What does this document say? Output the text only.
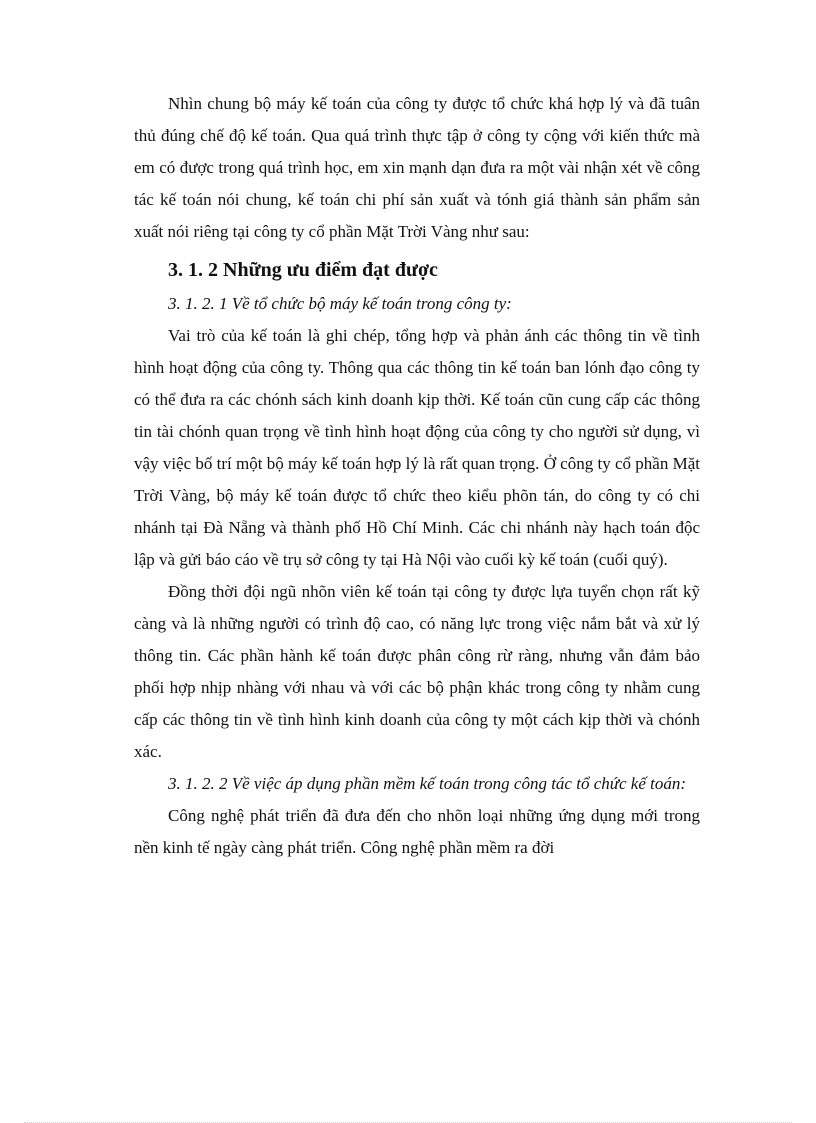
Nhìn chung bộ máy kế toán của công ty được tổ chức khá hợp lý và đã tuân thủ đúng chế độ kế toán. Qua quá trình thực tập ở công ty cộng với kiến thức mà em có được trong quá trình học, em xin mạnh dạn đưa ra một vài nhận xét về công tác kế toán nói chung, kế toán chi phí sản xuất và tónh giá thành sản phẩm sản xuất nói riêng tại công ty cổ phần Mặt Trời Vàng như sau:

3. 1. 2 Những ưu điểm đạt được

3. 1. 2. 1 Về tổ chức bộ máy kế toán trong công ty:

Vai trò của kế toán là ghi chép, tổng hợp và phản ánh các thông tin về tình hình hoạt động của công ty. Thông qua các thông tin kế toán ban lónh đạo công ty có thể đưa ra các chónh sách kinh doanh kịp thời. Kế toán cũn cung cấp các thông tin tài chónh quan trọng về tình hình hoạt động của công ty cho người sử dụng, vì vậy việc bố trí một bộ máy kế toán hợp lý là rất quan trọng. Ở công ty cổ phần Mặt Trời Vàng, bộ máy kế toán được tổ chức theo kiểu phõn tán, do công ty có chi nhánh tại Đà Nẵng và thành phố Hồ Chí Minh. Các chi nhánh này hạch toán độc lập và gửi báo cáo về trụ sở công ty tại Hà Nội vào cuối kỳ kế toán (cuối quý).

Đồng thời đội ngũ nhõn viên kế toán tại công ty được lựa tuyển chọn rất kỹ càng và là những người có trình độ cao, có năng lực trong việc nắm bắt và xử lý thông tin. Các phần hành kế toán được phân công rừ ràng, nhưng vẫn đảm bảo phối hợp nhịp nhàng với nhau và với các bộ phận khác trong công ty nhằm cung cấp các thông tin về tình hình kinh doanh của công ty một cách kịp thời và chónh xác.

3. 1. 2. 2 Về việc áp dụng phần mềm kế toán trong công tác tổ chức kế toán:

Công nghệ phát triển đã đưa đến cho nhõn loại những ứng dụng mới trong nền kinh tế ngày càng phát triển. Công nghệ phần mềm ra đời
